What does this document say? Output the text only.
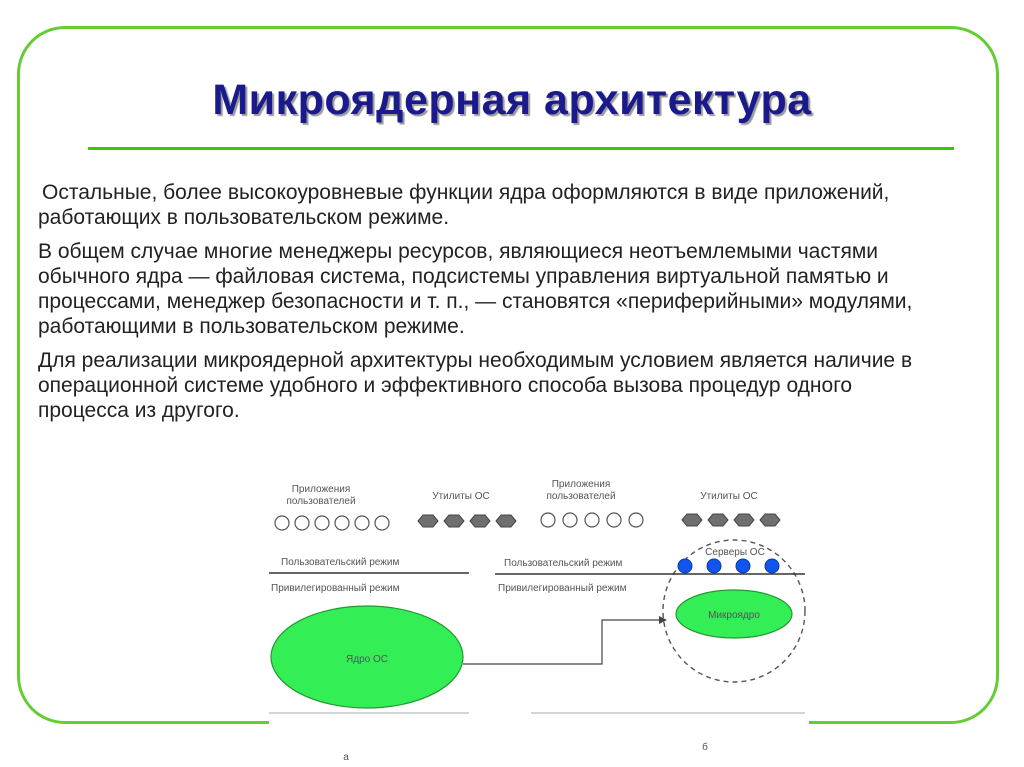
Микроядерная архитектура

Остальные, более высокоуровневые функции ядра оформляются в виде приложений, работающих в пользовательском режиме.

В общем случае многие менеджеры ресурсов, являющиеся неотъемлемыми частями обычного ядра — файловая система, подсистемы управления виртуальной памятью и процессами, менеджер безопасности и т. п., — становятся «периферийными» модулями, работающими в пользовательском режиме.

Для реализации микроядерной архитектуры необходимым условием является наличие в операционной системе удобного и эффективного способа вызова процедур одного процесса из другого.

Приложения
пользователей	Утилиты ОС
Пользовательский режим
Привилегированный режим
Ядро ОС
а
Приложения
пользователей	Утилиты ОС
Пользовательский режим
Привилегированный режим
Серверы ОС
Микроядро
б
